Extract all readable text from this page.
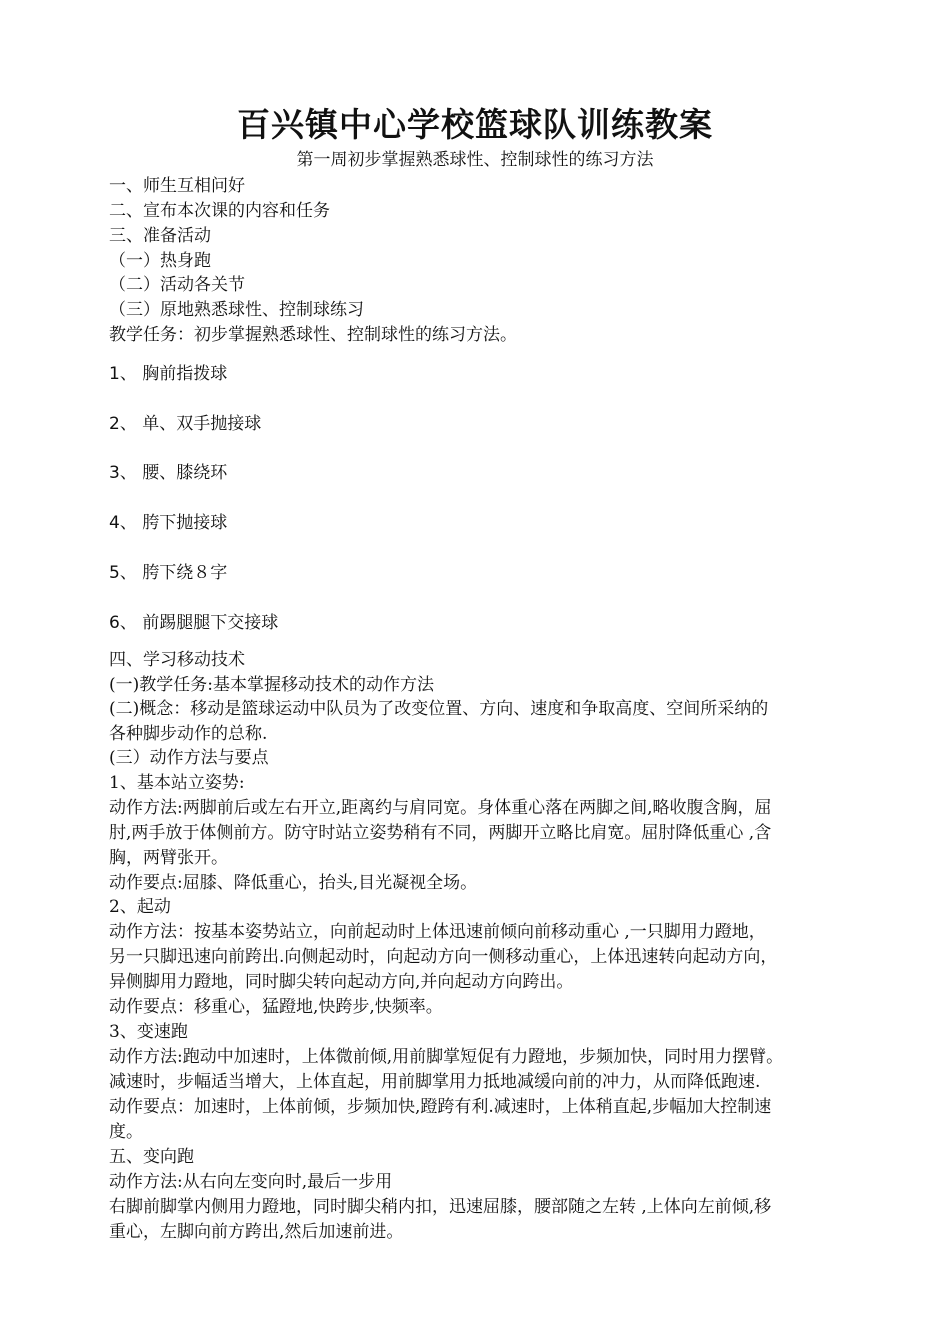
百兴镇中心学校篮球队训练教案
第一周初步掌握熟悉球性、控制球性的练习方法
一、师生互相问好
二、宣布本次课的内容和任务
三、准备活动
（一）热身跑
（二）活动各关节
（三）原地熟悉球性、控制球练习
教学任务：初步掌握熟悉球性、控制球性的练习方法。
1、 胸前指拨球
2、 单、双手抛接球
3、 腰、膝绕环
4、 胯下抛接球
5、 胯下绕８字
6、 前踢腿腿下交接球
四、学习移动技术
(一)教学任务:基本掌握移动技术的动作方法
(二)概念：移动是篮球运动中队员为了改变位置、方向、速度和争取高度、空间所采纳的
各种脚步动作的总称.
(三）动作方法与要点
1、基本站立姿势:
动作方法:两脚前后或左右开立,距离约与肩同宽。身体重心落在两脚之间,略收腹含胸，屈
肘,两手放于体侧前方。防守时站立姿势稍有不同，两脚开立略比肩宽。屈肘降低重心 ,含
胸，两臂张开。
动作要点:屈膝、降低重心，抬头,目光凝视全场。
2、起动
动作方法：按基本姿势站立，向前起动时上体迅速前倾向前移动重心 ,一只脚用力蹬地，
另一只脚迅速向前跨出.向侧起动时，向起动方向一侧移动重心，上体迅速转向起动方向，
异侧脚用力蹬地，同时脚尖转向起动方向,并向起动方向跨出。
动作要点：移重心，猛蹬地,快跨步,快频率。
3、变速跑
动作方法:跑动中加速时，上体微前倾,用前脚掌短促有力蹬地，步频加快，同时用力摆臂。
减速时，步幅适当增大，上体直起，用前脚掌用力抵地减缓向前的冲力，从而降低跑速.
动作要点：加速时，上体前倾，步频加快,蹬跨有利.减速时，上体稍直起,步幅加大控制速
度。
五、变向跑
动作方法:从右向左变向时,最后一步用
右脚前脚掌内侧用力蹬地，同时脚尖稍内扣，迅速屈膝，腰部随之左转 ,上体向左前倾,移
重心，左脚向前方跨出,然后加速前进。
